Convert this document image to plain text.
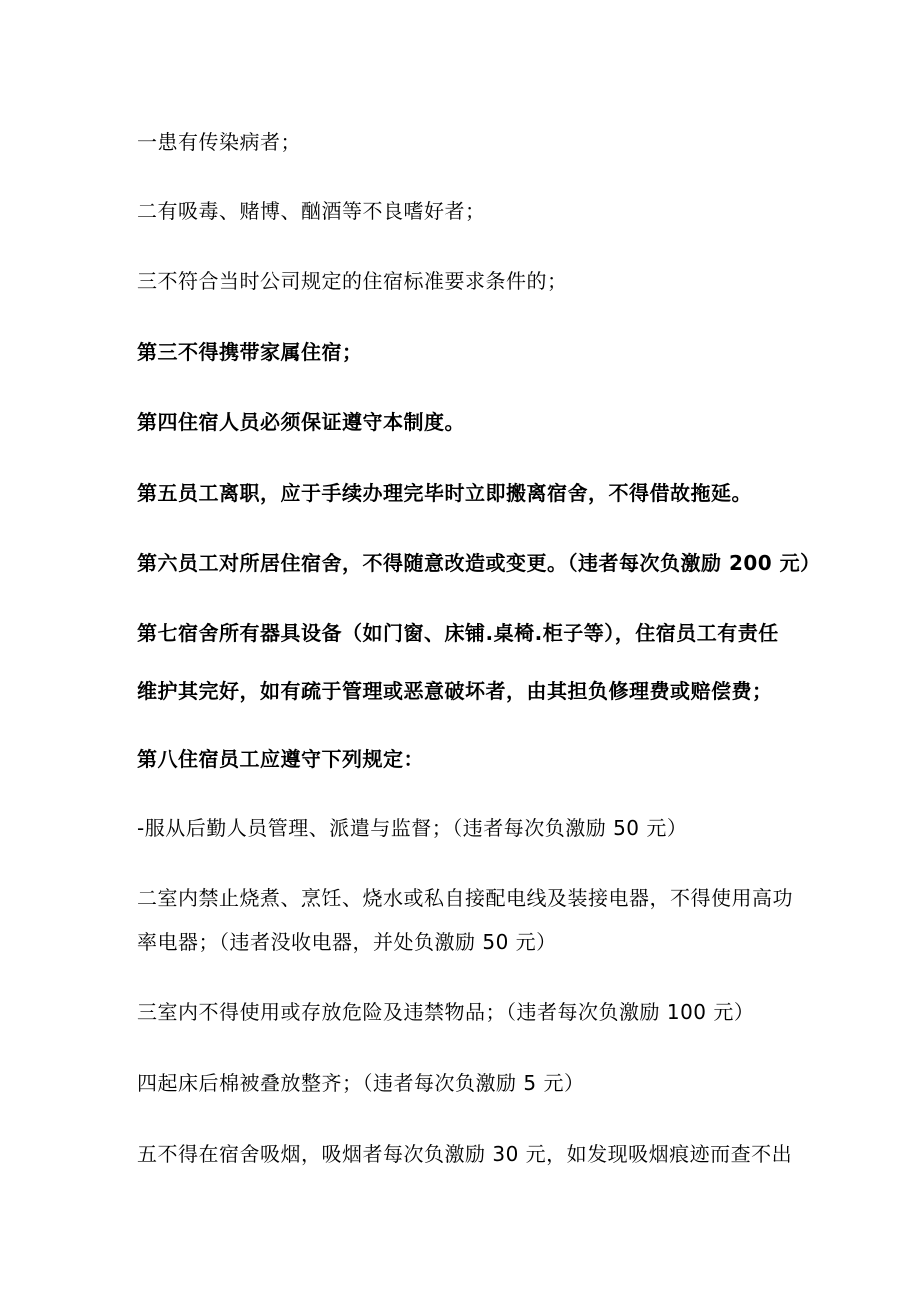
一患有传染病者；
二有吸毒、赌博、酗酒等不良嗜好者；
三不符合当时公司规定的住宿标准要求条件的；
第三不得携带家属住宿；
第四住宿人员必须保证遵守本制度。
第五员工离职，应于手续办理完毕时立即搬离宿舍，不得借故拖延。
第六员工对所居住宿舍，不得随意改造或变更。（违者每次负激励 200 元）
第七宿舍所有器具设备（如门窗、床铺.桌椅.柜子等），住宿员工有责任
维护其完好，如有疏于管理或恶意破坏者，由其担负修理费或赔偿费；
第八住宿员工应遵守下列规定：
-服从后勤人员管理、派遣与监督；（违者每次负激励 50 元）
二室内禁止烧煮、烹饪、烧水或私自接配电线及装接电器，不得使用高功
率电器；（违者没收电器，并处负激励 50 元）
三室内不得使用或存放危险及违禁物品；（违者每次负激励 100 元）
四起床后棉被叠放整齐；（违者每次负激励 5 元）
五不得在宿舍吸烟，吸烟者每次负激励 30 元，如发现吸烟痕迹而查不出
